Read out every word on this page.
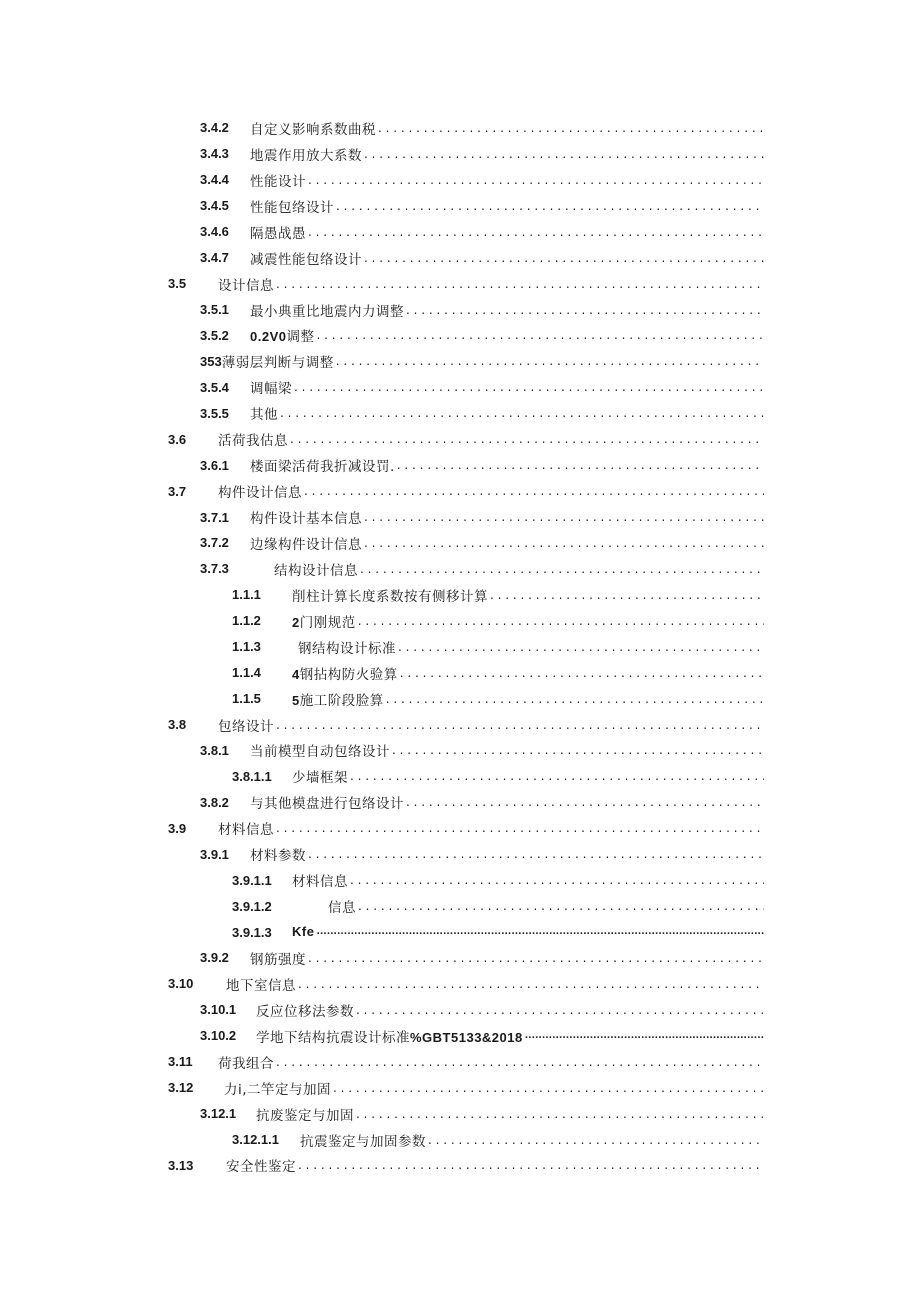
3.4.2	自定义影响系数曲税
. . .
3.4.3	地震作用放大系数
. . .
3.4.4	性能设计
. . .
3.4.5	性能包络设计
. . .
3.4.6	隔愚战愚
. . .
3.4.7	减震性能包络设计
. . .
3.5	设计信息
. . .
3.5.1	最小典重比地震内力调整
. . .
3.5.2	0.2V0调整
. . .
353 薄弱层判断与调整
. . .
3.5.4	调幅梁
. . .
3.5.5	其他
. . .
3.6	活荷我估息
. . .
3.6.1	楼面梁活荷我折减设罚.
. . .
3.7	构件设计信息
. . .
3.7.1	构件设计基本信息
. . .
3.7.2	边缘构件设计信息
. . .
3.7.3	结构设计信息
. . .
1.1.1	削柱计算长度系数按有侧移计算
. . .
1.1.2	2门刚规范
. . .
1.1.3	钢结构设计标准
. . .
1.1.4	4钢拈构防火验算
. . .
1.1.5	5施工阶段脸算
. . .
3.8	包络设计
. . .
3.8.1	当前模型自动包络设计
. . .
3.8.1.1	少墙框架
. . .
3.8.2	与其他模盘进行包络设计
. . .
3.9	材料信息
. . .
3.9.1	材料参数
. . .
3.9.1.1	材料信息
. . .
3.9.1.2	信息
. . .
3.9.1.3	Kfe
.....
3.9.2	钢筋强度
. . .
3.10	地下室信息
. . .
3.10.1	反应位移法参数
. . .
3.10.2	学地下结构抗震设计标准%GBT5133&2018
.....
3.11	荷我组合
. . .
3.12	力i,二竿定与加固
. . .
3.12.1	抗废鉴定与加固
. . .
3.12.1.1	抗震鉴定与加固参数
. . .
3.13	安全性鉴定
. . .
